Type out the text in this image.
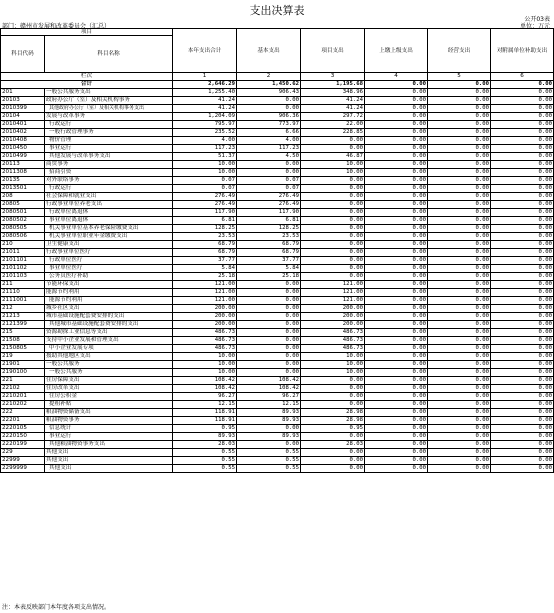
支出决算表
公开03表
部门：赣州市发展和改革委员会（汇总）	单位：万元
项目		本年支出合计	基本支出	项目支出	上缴上级支出	经营支出	对附属单位补助支出
科目代码	科目名称						
栏次		1	2	3	4	5	6
合计		2,646.29	1,450.62	1,195.68	0.00	0.00	0.00
201	一般公共服务支出	1,255.40	906.43	348.96	0.00	0.00	0.00
20103	政府办公厅（室）及相关机构事务	41.24	0.00	41.24	0.00	0.00	0.00
2010399	其他政府办公厅（室）及相关机构事务支出	41.24	0.00	41.24	0.00	0.00	0.00
20104	发展与改革事务	1,204.09	906.36	297.72	0.00	0.00	0.00
2010401	行政运行	795.97	773.97	22.00	0.00	0.00	0.00
2010402	一般行政管理事务	235.52	6.66	228.85	0.00	0.00	0.00
2010408	物价管理	4.00	4.00	0.00	0.00	0.00	0.00
2010450	事业运行	117.23	117.23	0.00	0.00	0.00	0.00
2010499	其他发展与改革事务支出	51.37	4.50	46.87	0.00	0.00	0.00
20113	商贸事务	10.00	0.00	10.00	0.00	0.00	0.00
2011308	招商引资	10.00	0.00	10.00	0.00	0.00	0.00
20135	对外联络事务	0.07	0.07	0.00	0.00	0.00	0.00
2013501	行政运行	0.07	0.07	0.00	0.00	0.00	0.00
208	社会保障和就业支出	276.49	276.49	0.00	0.00	0.00	0.00
20805	行政事业单位养老支出	276.49	276.49	0.00	0.00	0.00	0.00
2080501	行政单位离退休	117.90	117.90	0.00	0.00	0.00	0.00
2080502	事业单位离退休	6.81	6.81	0.00	0.00	0.00	0.00
2080505	机关事业单位基本养老保险缴费支出	128.25	128.25	0.00	0.00	0.00	0.00
2080506	机关事业单位职业年金缴费支出	23.53	23.53	0.00	0.00	0.00	0.00
210	卫生健康支出	68.79	68.79	0.00	0.00	0.00	0.00
21011	行政事业单位医疗	68.79	68.79	0.00	0.00	0.00	0.00
2101101	行政单位医疗	37.77	37.77	0.00	0.00	0.00	0.00
2101102	事业单位医疗	5.84	5.84	0.00	0.00	0.00	0.00
2101103	公务员医疗补助	25.18	25.18	0.00	0.00	0.00	0.00
211	节能环保支出	121.00	0.00	121.00	0.00	0.00	0.00
21110	能源节约利用	121.00	0.00	121.00	0.00	0.00	0.00
2111001	能源节约利用	121.00	0.00	121.00	0.00	0.00	0.00
212	城乡社区支出	200.00	0.00	200.00	0.00	0.00	0.00
21213	城市基础设施配套费安排的支出	200.00	0.00	200.00	0.00	0.00	0.00
2121399	其他城市基础设施配套费安排的支出	200.00	0.00	200.00	0.00	0.00	0.00
215	资源勘探工业信息等支出	486.73	0.00	486.73	0.00	0.00	0.00
21508	支持中小企业发展和管理支出	486.73	0.00	486.73	0.00	0.00	0.00
2150805	中小企业发展专项	486.73	0.00	486.73	0.00	0.00	0.00
219	援助其他地区支出	10.00	0.00	10.00	0.00	0.00	0.00
21901	一般公共服务	10.00	0.00	10.00	0.00	0.00	0.00
2190100	一般公共服务	10.00	0.00	10.00	0.00	0.00	0.00
221	住房保障支出	108.42	108.42	0.00	0.00	0.00	0.00
22102	住房改革支出	108.42	108.42	0.00	0.00	0.00	0.00
2210201	住房公积金	96.27	96.27	0.00	0.00	0.00	0.00
2210202	提租补贴	12.15	12.15	0.00	0.00	0.00	0.00
222	粮油物资储备支出	118.91	89.93	28.98	0.00	0.00	0.00
22201	粮油物资事务	118.91	89.93	28.98	0.00	0.00	0.00
2220105	信息统计	0.95	0.00	0.95	0.00	0.00	0.00
2220150	事业运行	89.93	89.93	0.00	0.00	0.00	0.00
2220199	其他粮油物资事务支出	28.03	0.00	28.03	0.00	0.00	0.00
229	其他支出	0.55	0.55	0.00	0.00	0.00	0.00
22999	其他支出	0.55	0.55	0.00	0.00	0.00	0.00
2299999	其他支出	0.55	0.55	0.00	0.00	0.00	0.00
注：本表反映部门本年度各项支出情况。
